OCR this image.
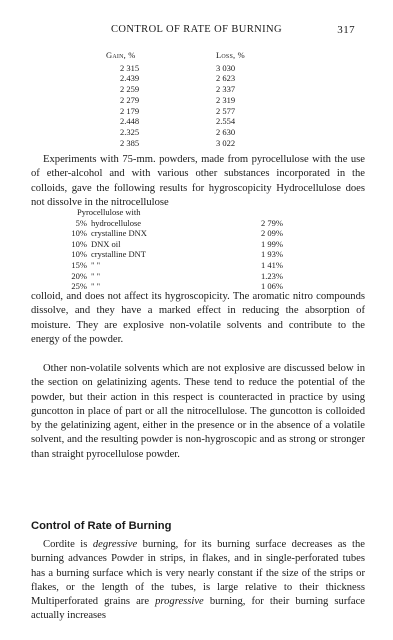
CONTROL OF RATE OF BURNING	317
Gain, %	Loss, %
2 315	3 030
2.439	2 623
2 259	2 337
2 279	2 319
2 179	2 577
2.448	2.554
2.325	2 630
2 385	3 022
Experiments with 75-mm. powders, made from pyrocellulose with the use of ether-alcohol and with various other substances incorporated in the colloids, gave the following results for hygroscopicity Hydrocellulose does not dissolve in the nitrocellulose
Pyrocellulose with
5% hydrocellulose	2 79%
10% crystalline DNX	2 09%
10% DNX oil	1 99%
10% crystalline DNT	1 93%
15% " "	1 41%
20% " "	1.23%
25% " "	1 06%
colloid, and does not affect its hygroscopicity. The aromatic nitro compounds dissolve, and they have a marked effect in reducing the absorption of moisture. They are explosive non-volatile solvents and contribute to the energy of the powder.
Other non-volatile solvents which are not explosive are discussed below in the section on gelatinizing agents. These tend to reduce the potential of the powder, but their action in this respect is counteracted in practice by using guncotton in place of part or all the nitrocellulose. The guncotton is colloided by the gelatinizing agent, either in the presence or in the absence of a volatile solvent, and the resulting powder is non-hygroscopic and as strong or stronger than straight pyrocellulose powder.
Control of Rate of Burning
Cordite is degressive burning, for its burning surface decreases as the burning advances Powder in strips, in flakes, and in single-perforated tubes has a burning surface which is very nearly constant if the size of the strips or flakes, or the length of the tubes, is large relative to their thickness Multiperforated grains are progressive burning, for their burning surface actually increases
